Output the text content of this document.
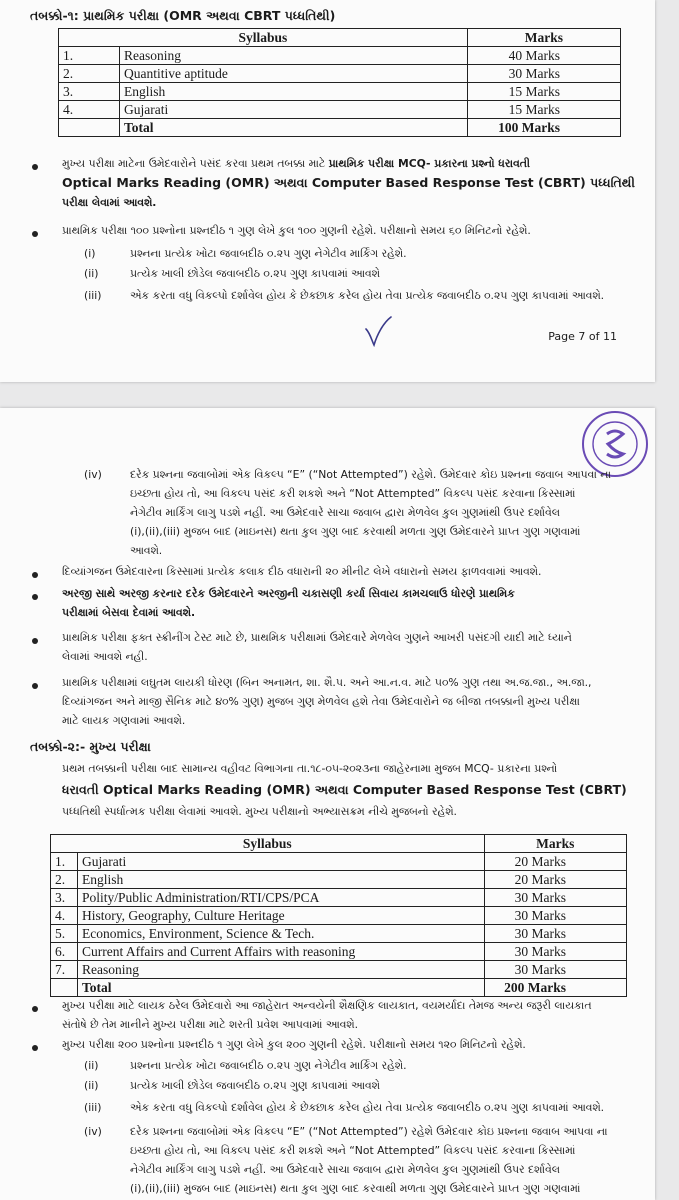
તબક્કો-૧: પ્રાથમિક પરીક્ષા (OMR અથવા CBRT પધ્ધતિથી)
Syllabus		Marks
1.	Reasoning	40 Marks
2.	Quantitive aptitude	30 Marks
3.	English	15 Marks
4.	Gujarati	15 Marks
	Total	100 Marks
મુખ્ય પરીક્ષા માટેના ઉમેદવારોને પસંદ કરવા પ્રથમ તબક્કા માટે પ્રાથમિક પરીક્ષા MCQ- પ્રકારના પ્રશ્નો ધરાવતી
Optical Marks Reading (OMR) અથવા Computer Based Response Test (CBRT) પધ્ધતિથી
પરીક્ષા લેવામાં આવશે.
પ્રાથમિક પરીક્ષા ૧૦૦ પ્રશ્નોના પ્રશ્નદીઠ ૧ ગુણ લેખે કુલ ૧૦૦ ગુણની રહેશે. પરીક્ષાનો સમય ૬૦ મિનિટનો રહેશે.
(i)	પ્રશ્નના પ્રત્યેક ખોટા જવાબદીઠ ૦.૨૫ ગુણ નેગેટીવ માર્કિંગ રહેશે.
(ii)	પ્રત્યેક ખાલી છોડેલ જવાબદીઠ ૦.૨૫ ગુણ કાપવામાં આવશે
(iii)	એક કરતા વધુ વિકલ્પો દર્શાવેલ હોય કે છેકછાક કરેલ હોય તેવા પ્રત્યેક જવાબદીઠ ૦.૨૫ ગુણ કાપવામાં આવશે.
Page 7 of 11
(iv)	દરેક પ્રશ્નના જવાબોમાં એક વિકલ્પ “E” (“Not Attempted”) રહેશે. ઉમેદવાર કોઇ પ્રશ્નના જવાબ આપવા ના
ઇચ્છતા હોય તો, આ વિકલ્પ પસંદ કરી શકશે અને “Not Attempted” વિકલ્પ પસંદ કરવાના કિસ્સામાં
નેગેટીવ માર્કિંગ લાગુ પડશે નહીં. આ ઉમેદવારે સાચા જવાબ દ્વારા મેળવેલ કુલ ગુણમાંથી ઉપર દર્શાવેલ
(i),(ii),(iii) મુજબ બાદ (માઇનસ) થતા કુલ ગુણ બાદ કરવાથી મળતા ગુણ ઉમેદવારને પ્રાપ્ત ગુણ ગણવામાં
આવશે.
દિવ્યાંગજન ઉમેદવારના કિસ્સામાં પ્રત્યેક કલાક દીઠ વધારાની ૨૦ મીનીટ લેખે વધારાનો સમય ફાળવવામાં આવશે.
અરજી સાથે અરજી કરનાર દરેક ઉમેદવારને અરજીની ચકાસણી કર્યા સિવાય કામચલાઉ ધોરણે પ્રાથમિક
પરીક્ષામાં બેસવા દેવામાં આવશે.
પ્રાથમિક પરીક્ષા ફક્ત સ્ક્રીનીંગ ટેસ્ટ માટે છે, પ્રાથમિક પરીક્ષામાં ઉમેદવારે મેળવેલ ગુણને આખરી પસંદગી યાદી માટે ધ્યાને
લેવામાં આવશે નહી.
પ્રાથમિક પરીક્ષામાં લઘુતમ લાયકી ધોરણ (બિન અનામત, શા. શૈ.પ. અને આ.ન.વ. માટે ૫૦% ગુણ તથા અ.જ.જા., અ.જા.,
દિવ્યાંગજન અને માજી સૈનિક માટે ૪૦% ગુણ) મુજબ ગુણ મેળવેલ હશે તેવા ઉમેદવારોને જ બીજા તબક્કાની મુખ્ય પરીક્ષા
માટે લાયક ગણવામાં આવશે.
તબક્કો-૨:- મુખ્ય પરીક્ષા
પ્રથમ તબક્કાની પરીક્ષા બાદ સામાન્ય વહીવટ વિભાગના તા.૧૮-૦૫-૨૦૨૩ના જાહેરનામા મુજબ MCQ- પ્રકારના પ્રશ્નો
ધરાવતી Optical Marks Reading (OMR) અથવા Computer Based Response Test (CBRT)
પધ્ધતિથી સ્પર્ધાત્મક પરીક્ષા લેવામાં આવશે. મુખ્ય પરીક્ષાનો અભ્યાસક્રમ નીચે મુજબનો રહેશે.
Syllabus		Marks
1.	Gujarati	20 Marks
2.	English	20 Marks
3.	Polity/Public Administration/RTI/CPS/PCA	30 Marks
4.	History, Geography, Culture Heritage	30 Marks
5.	Economics, Environment, Science & Tech.	30 Marks
6.	Current Affairs and Current Affairs with reasoning	30 Marks
7.	Reasoning	30 Marks
	Total	200 Marks
મુખ્ય પરીક્ષા માટે લાયક ઠરેલ ઉમેદવારો આ જાહેરાત અન્વયેની શૈક્ષણિક લાયકાત, વયમર્યાદા તેમજ અન્ય જરૂરી લાયકાત
સંતોષે છે તેમ માનીને મુખ્ય પરીક્ષા માટે શરતી પ્રવેશ આપવામાં આવશે.
મુખ્ય પરીક્ષા ૨૦૦ પ્રશ્નોના પ્રશ્નદીઠ ૧ ગુણ લેખે કુલ ૨૦૦ ગુણની રહેશે. પરીક્ષાનો સમય ૧૨૦ મિનિટનો રહેશે.
(ii)	પ્રશ્નના પ્રત્યેક ખોટા જવાબદીઠ ૦.૨૫ ગુણ નેગેટીવ માર્કિંગ રહેશે.
(ii)	પ્રત્યેક ખાલી છોડેલ જવાબદીઠ ૦.૨૫ ગુણ કાપવામાં આવશે
(iii)	એક કરતા વધુ વિકલ્પો દર્શાવેલ હોય કે છેકછાક કરેલ હોય તેવા પ્રત્યેક જવાબદીઠ ૦.૨૫ ગુણ કાપવામાં આવશે.
(iv)	દરેક પ્રશ્નના જવાબોમાં એક વિકલ્પ “E” (“Not Attempted”) રહેશે ઉમેદવાર કોઇ પ્રશ્નના જવાબ આપવા ના
ઇચ્છતા હોય તો, આ વિકલ્પ પસંદ કરી શકશે અને “Not Attempted” વિકલ્પ પસંદ કરવાના કિસ્સામાં
નેગેટીવ માર્કિંગ લાગુ પડશે નહીં. આ ઉમેદવારે સાચા જવાબ દ્વારા મેળવેલ કુલ ગુણમાંથી ઉપર દર્શાવેલ
(i),(ii),(iii) મુજબ બાદ (માઇનસ) થતા કુલ ગુણ બાદ કરવાથી મળતા ગુણ ઉમેદવારને પ્રાપ્ત ગુણ ગણવામાં
